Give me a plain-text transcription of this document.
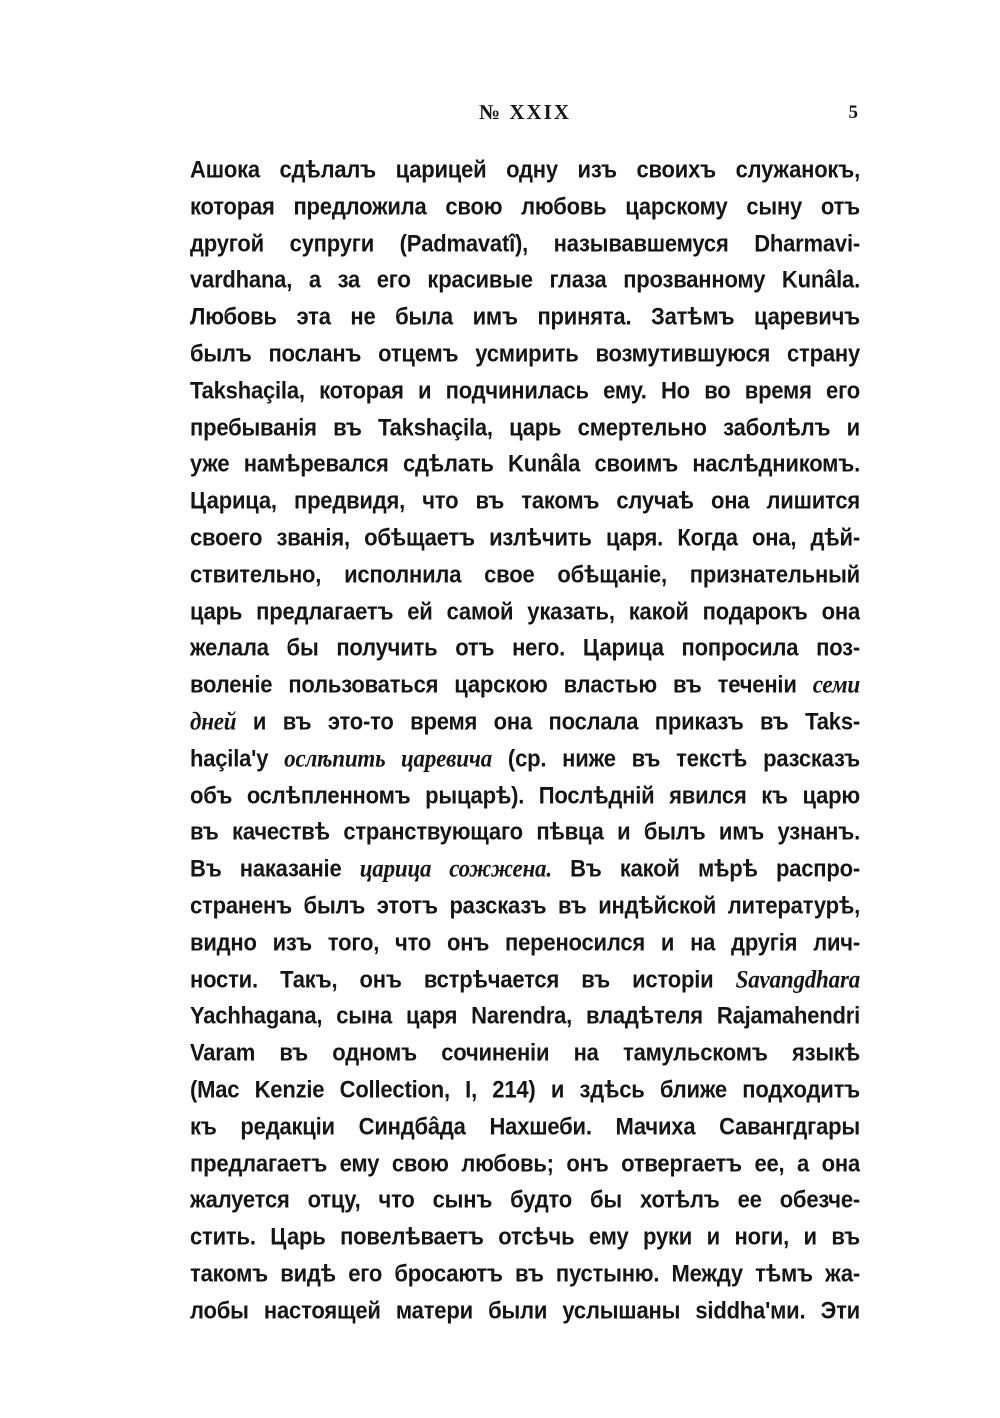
№ XXIX	5
Ашока сдѣлалъ царицей одну изъ своихъ служанокъ,
которая предложила свою любовь царскому сыну отъ
другой супруги (Padmavatî), называвшемуся Dharmavi-
vardhana, а за его красивые глаза прозванному Kunâla.
Любовь эта не была имъ принята. Затѣмъ царевичъ
былъ посланъ отцемъ усмирить возмутившуюся страну
Takshaçila, которая и подчинилась ему. Но во время его
пребыванія въ Takshaçila, царь смертельно заболѣлъ и
уже намѣревался сдѣлать Kunâla своимъ наслѣдникомъ.
Царица, предвидя, что въ такомъ случаѣ она лишится
своего званія, обѣщаетъ излѣчить царя. Когда она, дѣй-
ствительно, исполнила свое обѣщаніе, признательный
царь предлагаетъ ей самой указать, какой подарокъ она
желала бы получить отъ него. Царица попросила поз-
воленіе пользоваться царскою властью въ теченіи семи
дней и въ это-то время она послала приказъ въ Taks-
haçila'у ослѣпить царевича (ср. ниже въ текстѣ разсказъ
объ ослѣпленномъ рыцарѣ). Послѣдній явился къ царю
въ качествѣ странствующаго пѣвца и былъ имъ узнанъ.
Въ наказаніе царица сожжена. Въ какой мѣрѣ распро-
страненъ былъ этотъ разсказъ въ индѣйской литературѣ,
видно изъ того, что онъ переносился и на другія лич-
ности. Такъ, онъ встрѣчается въ исторіи Savangdhara
Yachhagana, сына царя Narendra, владѣтеля Rajamahendri
Varam въ одномъ сочиненіи на тамульскомъ языкѣ
(Mac Kenzie Collection, I, 214) и здѣсь ближе подходитъ
къ редакціи Синдбâда Нахшеби. Мачиха Савангдгары
предлагаетъ ему свою любовь; онъ отвергаетъ ее, а она
жалуется отцу, что сынъ будто бы хотѣлъ ее обезче-
стить. Царь повелѣваетъ отсѣчь ему руки и ноги, и въ
такомъ видѣ его бросаютъ въ пустыню. Между тѣмъ жа-
лобы настоящей матери были услышаны siddha'ми. Эти
